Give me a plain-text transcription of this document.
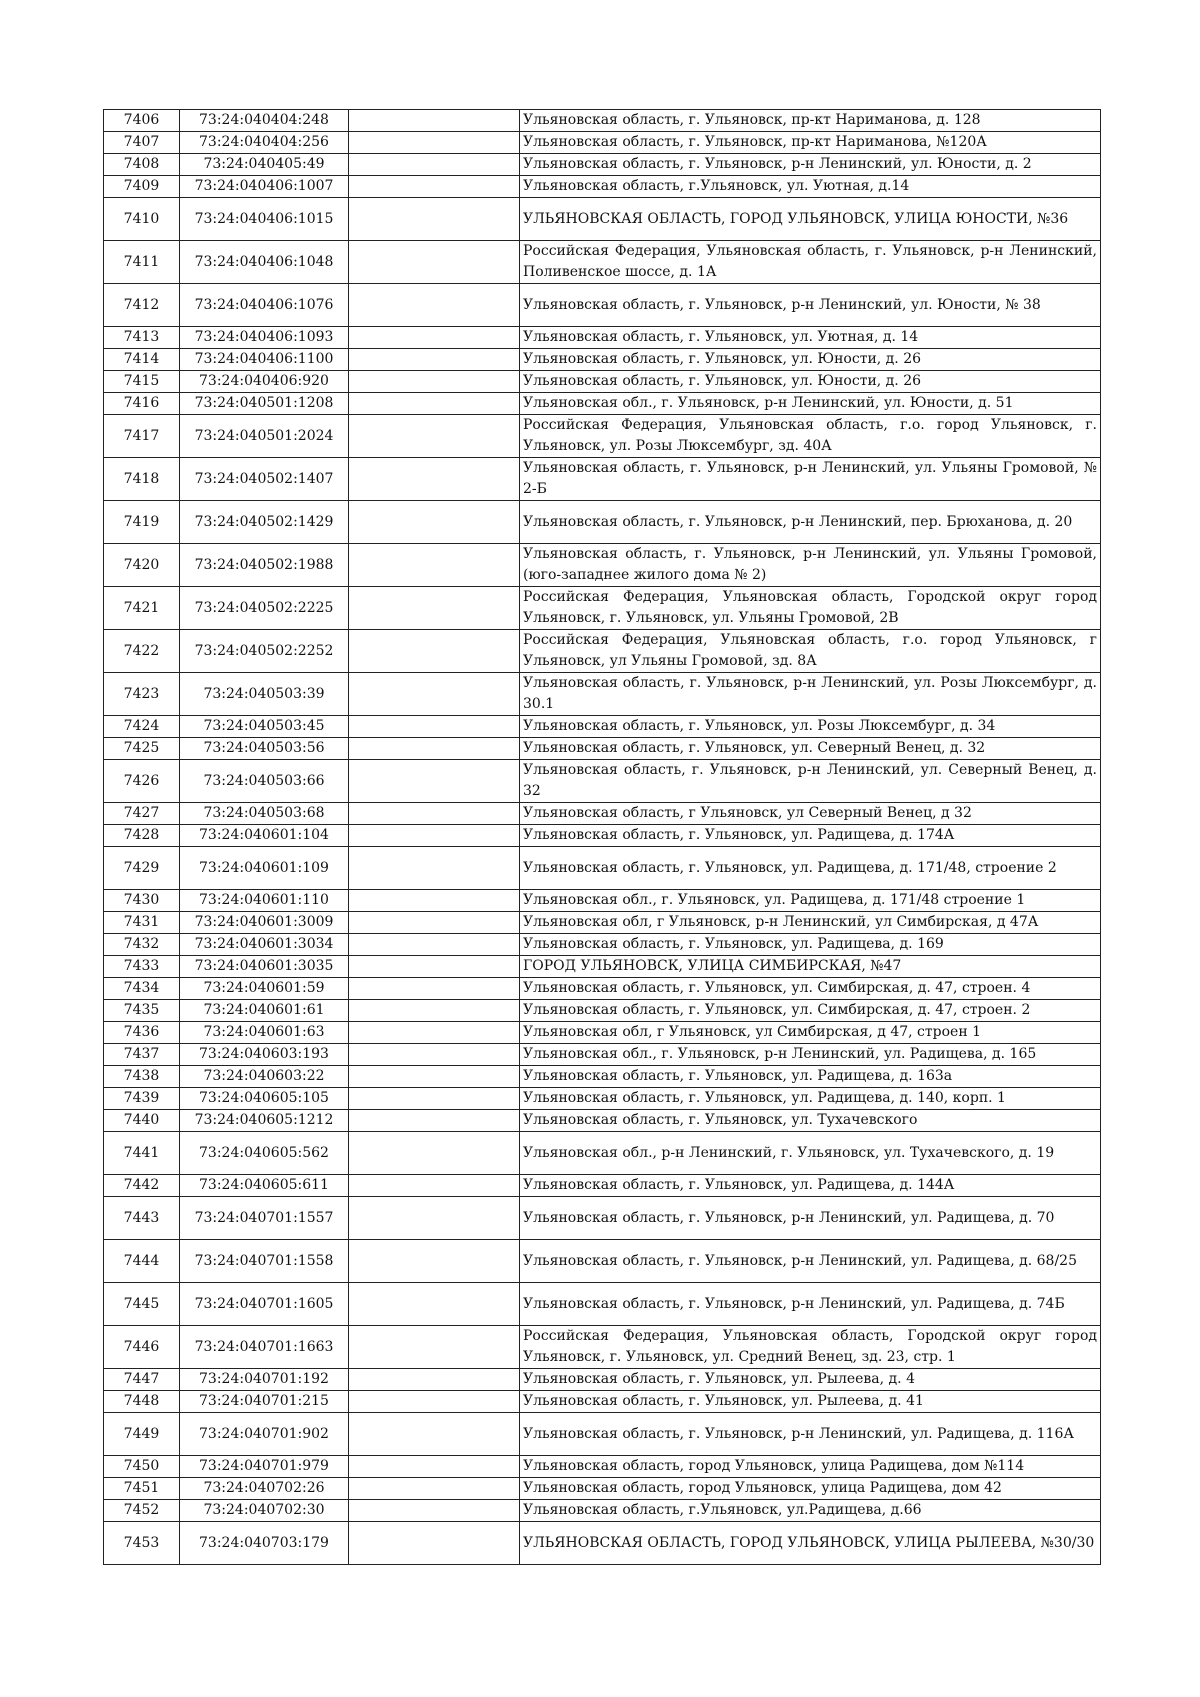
7406	73:24:040404:248		Ульяновская область, г. Ульяновск, пр-кт Нариманова, д. 128
7407	73:24:040404:256		Ульяновская область, г. Ульяновск, пр-кт Нариманова, №120А
7408	73:24:040405:49		Ульяновская область, г. Ульяновск, р-н Ленинский, ул. Юности, д. 2
7409	73:24:040406:1007		Ульяновская область, г.Ульяновск, ул. Уютная, д.14
7410	73:24:040406:1015		УЛЬЯНОВСКАЯ ОБЛАСТЬ, ГОРОД УЛЬЯНОВСК, УЛИЦА ЮНОСТИ, №36
7411	73:24:040406:1048		Российская Федерация, Ульяновская область, г. Ульяновск, р-н Ленинский, Поливенское шоссе, д. 1А
7412	73:24:040406:1076		Ульяновская область, г. Ульяновск, р-н Ленинский, ул. Юности, № 38
7413	73:24:040406:1093		Ульяновская область, г. Ульяновск, ул. Уютная, д. 14
7414	73:24:040406:1100		Ульяновская область, г. Ульяновск, ул. Юности, д. 26
7415	73:24:040406:920		Ульяновская область, г. Ульяновск, ул. Юности, д. 26
7416	73:24:040501:1208		Ульяновская обл., г. Ульяновск, р-н Ленинский, ул. Юности, д. 51
7417	73:24:040501:2024		Российская Федерация, Ульяновская область, г.о. город Ульяновск, г. Ульяновск, ул. Розы Люксембург, зд. 40А
7418	73:24:040502:1407		Ульяновская область, г. Ульяновск, р-н Ленинский, ул. Ульяны Громовой, № 2-Б
7419	73:24:040502:1429		Ульяновская область, г. Ульяновск, р-н Ленинский, пер. Брюханова, д. 20
7420	73:24:040502:1988		Ульяновская область, г. Ульяновск, р-н Ленинский, ул. Ульяны Громовой, (юго-западнее жилого дома № 2)
7421	73:24:040502:2225		Российская Федерация, Ульяновская область, Городской округ город Ульяновск, г. Ульяновск, ул. Ульяны Громовой, 2В
7422	73:24:040502:2252		Российская Федерация, Ульяновская область, г.о. город Ульяновск, г Ульяновск, ул Ульяны Громовой, зд. 8А
7423	73:24:040503:39		Ульяновская область, г. Ульяновск, р-н Ленинский, ул. Розы Люксембург, д. 30.1
7424	73:24:040503:45		Ульяновская область, г. Ульяновск, ул. Розы Люксембург, д. 34
7425	73:24:040503:56		Ульяновская область, г. Ульяновск, ул. Северный Венец, д. 32
7426	73:24:040503:66		Ульяновская область, г. Ульяновск, р-н Ленинский, ул. Северный Венец, д. 32
7427	73:24:040503:68		Ульяновская область, г Ульяновск, ул Северный Венец, д 32
7428	73:24:040601:104		Ульяновская область, г. Ульяновск, ул. Радищева, д. 174А
7429	73:24:040601:109		Ульяновская область, г. Ульяновск, ул. Радищева, д. 171/48, строение 2
7430	73:24:040601:110		Ульяновская обл., г. Ульяновск, ул. Радищева, д. 171/48 строение 1
7431	73:24:040601:3009		Ульяновская обл, г Ульяновск, р-н Ленинский, ул Симбирская, д 47А
7432	73:24:040601:3034		Ульяновская область, г. Ульяновск, ул. Радищева, д. 169
7433	73:24:040601:3035		ГОРОД УЛЬЯНОВСК, УЛИЦА СИМБИРСКАЯ, №47
7434	73:24:040601:59		Ульяновская область, г. Ульяновск, ул. Симбирская, д. 47, строен. 4
7435	73:24:040601:61		Ульяновская область, г. Ульяновск, ул. Симбирская, д. 47, строен. 2
7436	73:24:040601:63		Ульяновская обл, г Ульяновск, ул Симбирская, д 47, строен 1
7437	73:24:040603:193		Ульяновская обл., г. Ульяновск, р-н Ленинский, ул. Радищева, д. 165
7438	73:24:040603:22		Ульяновская область, г. Ульяновск, ул. Радищева, д. 163а
7439	73:24:040605:105		Ульяновская область, г. Ульяновск, ул. Радищева, д. 140, корп. 1
7440	73:24:040605:1212		Ульяновская область, г. Ульяновск, ул. Тухачевского
7441	73:24:040605:562		Ульяновская обл., р-н Ленинский, г. Ульяновск, ул. Тухачевского, д. 19
7442	73:24:040605:611		Ульяновская область, г. Ульяновск, ул. Радищева, д. 144А
7443	73:24:040701:1557		Ульяновская область, г. Ульяновск, р-н Ленинский, ул. Радищева, д. 70
7444	73:24:040701:1558		Ульяновская область, г. Ульяновск, р-н Ленинский, ул. Радищева, д. 68/25
7445	73:24:040701:1605		Ульяновская область, г. Ульяновск, р-н Ленинский, ул. Радищева, д. 74Б
7446	73:24:040701:1663		Российская Федерация, Ульяновская область, Городской округ город Ульяновск, г. Ульяновск, ул. Средний Венец, зд. 23, стр. 1
7447	73:24:040701:192		Ульяновская область, г. Ульяновск, ул. Рылеева, д. 4
7448	73:24:040701:215		Ульяновская область, г. Ульяновск, ул. Рылеева, д. 41
7449	73:24:040701:902		Ульяновская область, г. Ульяновск, р-н Ленинский, ул. Радищева, д. 116А
7450	73:24:040701:979		Ульяновская область, город Ульяновск, улица Радищева, дом №114
7451	73:24:040702:26		Ульяновская область, город Ульяновск, улица Радищева, дом 42
7452	73:24:040702:30		Ульяновская область, г.Ульяновск, ул.Радищева, д.66
7453	73:24:040703:179		УЛЬЯНОВСКАЯ ОБЛАСТЬ, ГОРОД УЛЬЯНОВСК, УЛИЦА РЫЛЕЕВА, №30/30
